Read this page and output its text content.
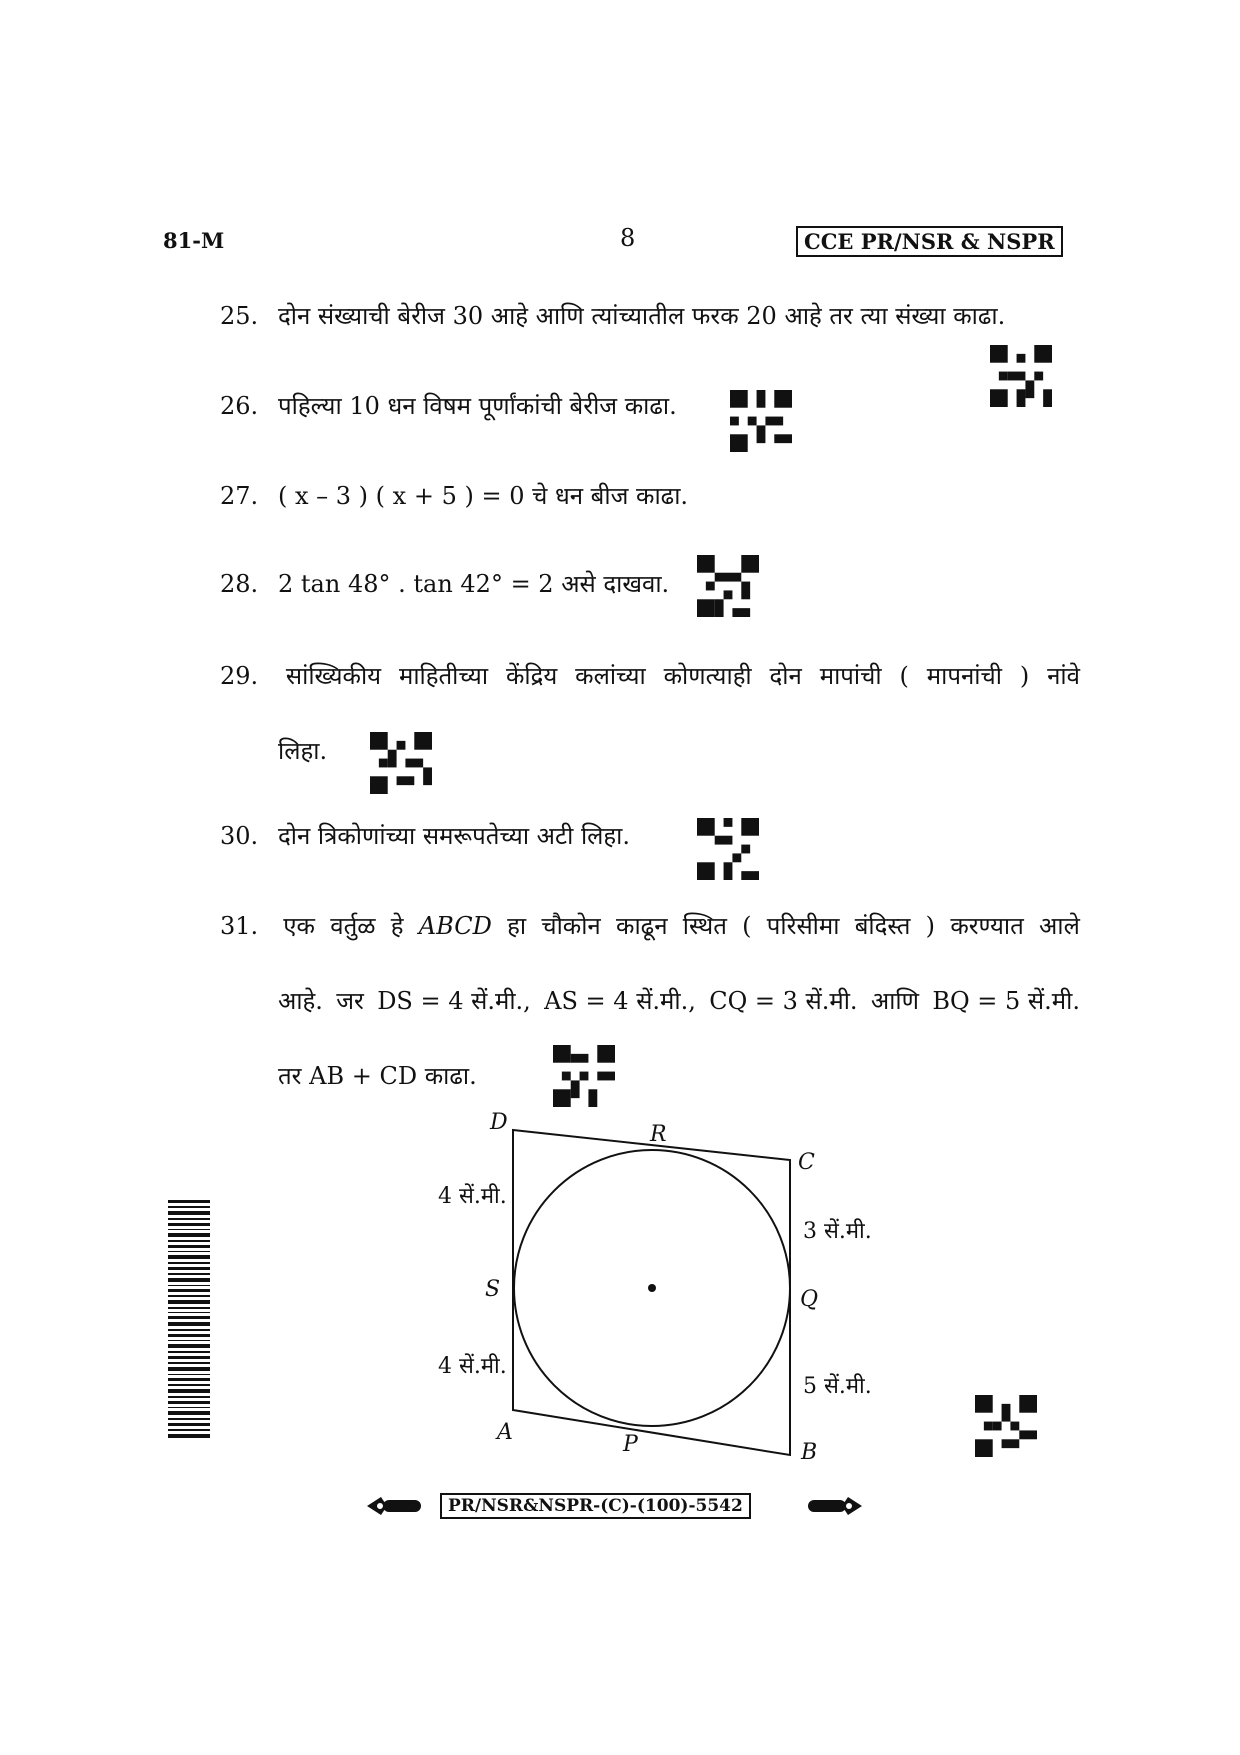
81-M	8	CCE PR/NSR & NSPR
25. दोन संख्याची बेरीज 30 आहे आणि त्यांच्यातील फरक 20 आहे तर त्या संख्या काढा.
26. पहिल्या 10 धन विषम पूर्णांकांची बेरीज काढा.
27. ( x – 3 ) ( x + 5 ) = 0 चे धन बीज काढा.
28. 2 tan 48° . tan 42° = 2 असे दाखवा.
29.	सांख्यिकीय माहितीच्या केंद्रिय कलांच्या कोणत्याही दोन मापांची ( मापनांची ) नांवे
लिहा.
30. दोन त्रिकोणांच्या समरूपतेच्या अटी लिहा.
31.	एक वर्तुळ हे ABCD हा चौकोन काढून स्थित ( परिसीमा बंदिस्त ) करण्यात आले
आहे. जर DS = 4 सें.मी., AS = 4 सें.मी., CQ = 3 सें.मी. आणि BQ = 5 सें.मी.
तर AB + CD काढा.
D
C
A
B
R
S	Q
P
4 सें.मी.
4 सें.मी.
3 सें.मी.
5 सें.मी.
PR/NSR&NSPR-(C)-(100)-5542
